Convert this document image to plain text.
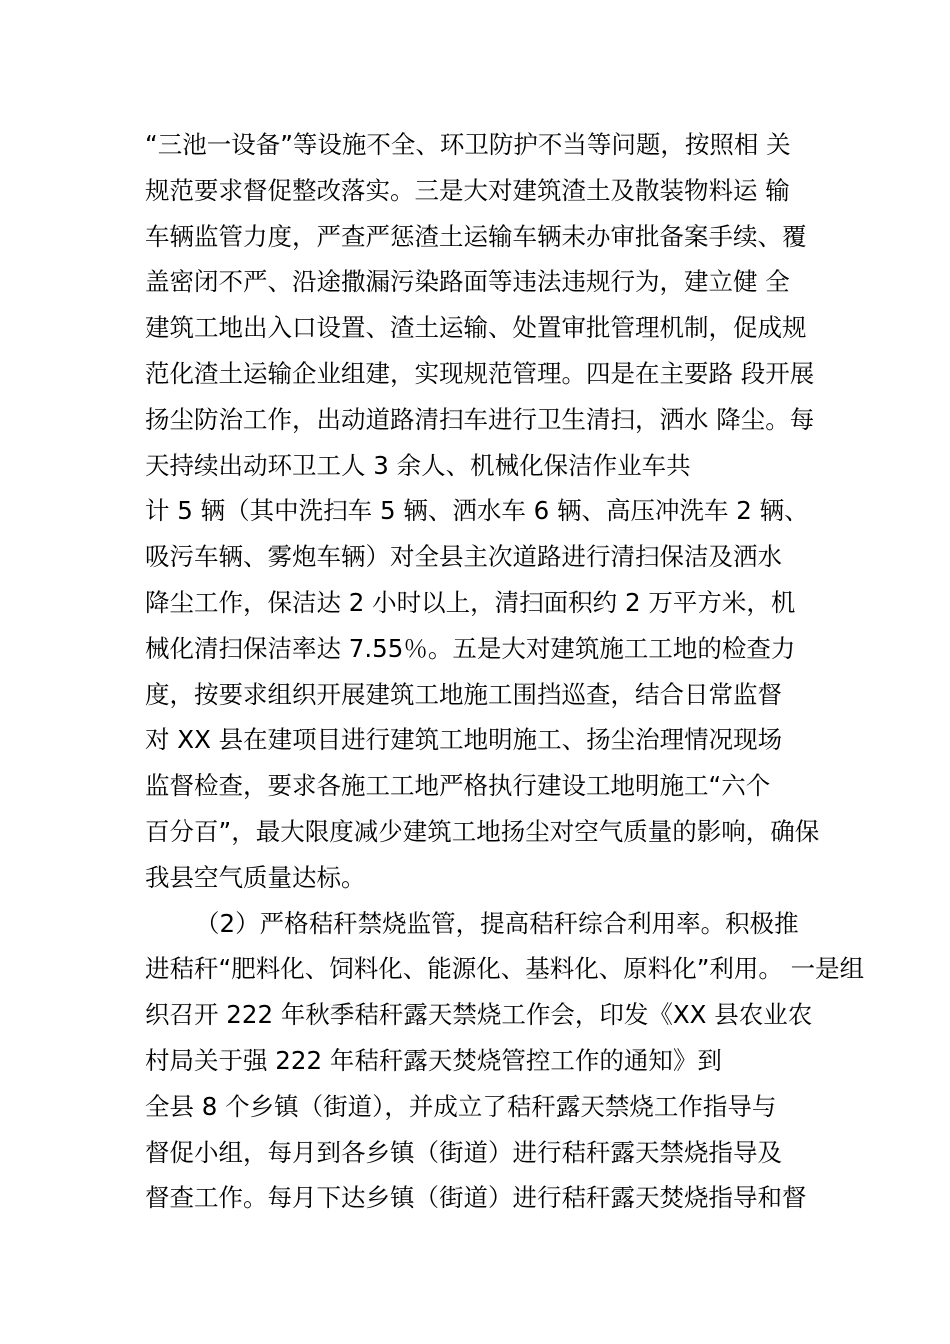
“三池一设备”等设施不全、环卫防护不当等问题，按照相 关
规范要求督促整改落实。三是大对建筑渣土及散装物料运 输
车辆监管力度，严查严惩渣土运输车辆未办审批备案手续、覆
盖密闭不严、沿途撒漏污染路面等违法违规行为，建立健 全
建筑工地出入口设置、渣土运输、处置审批管理机制，促成规
范化渣土运输企业组建，实现规范管理。四是在主要路 段开展
扬尘防治工作，出动道路清扫车进行卫生清扫，洒水 降尘。每
天持续出动环卫工人 3 余人、机械化保洁作业车共
计 5 辆（其中洗扫车 5 辆、洒水车 6 辆、高压冲洗车 2 辆、
吸污车辆、雾炮车辆）对全县主次道路进行清扫保洁及洒水
降尘工作，保洁达 2 小时以上，清扫面积约 2 万平方米，机
械化清扫保洁率达 7.55％。五是大对建筑施工工地的检查力
度，按要求组织开展建筑工地施工围挡巡查，结合日常监督
对 XX 县在建项目进行建筑工地明施工、扬尘治理情况现场
监督检查，要求各施工工地严格执行建设工地明施工“六个
百分百”，最大限度减少建筑工地扬尘对空气质量的影响，确保
我县空气质量达标。
（2）严格秸秆禁烧监管，提高秸秆综合利用率。积极推
进秸秆“肥料化、饲料化、能源化、基料化、原料化”利用。 一是组
织召开 222 年秋季秸秆露天禁烧工作会，印发《XX 县农业农
村局关于强 222 年秸秆露天焚烧管控工作的通知》到
全县 8 个乡镇（街道），并成立了秸秆露天禁烧工作指导与
督促小组，每月到各乡镇（街道）进行秸秆露天禁烧指导及
督查工作。每月下达乡镇（街道）进行秸秆露天焚烧指导和督
